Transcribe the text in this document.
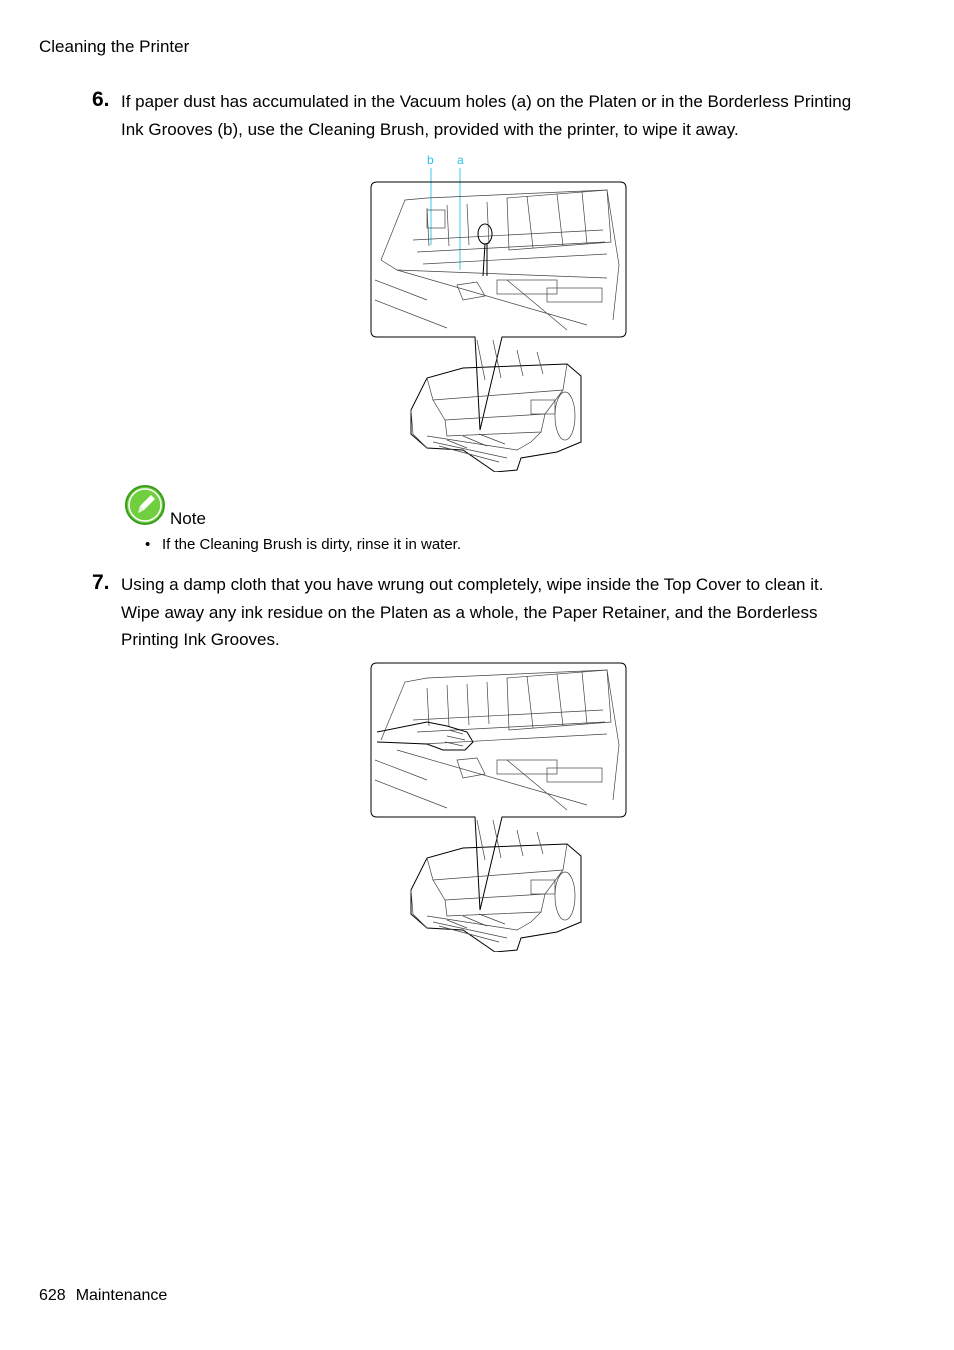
Cleaning the Printer
6. If paper dust has accumulated in the Vacuum holes (a) on the Platen or in the Borderless Printing
Ink Grooves (b), use the Cleaning Brush, provided with the printer, to wipe it away.
b a
Note
• If the Cleaning Brush is dirty, rinse it in water.
7. Using a damp cloth that you have wrung out completely, wipe inside the Top Cover to clean it.
Wipe away any ink residue on the Platen as a whole, the Paper Retainer, and the Borderless
Printing Ink Grooves.
628 Maintenance
